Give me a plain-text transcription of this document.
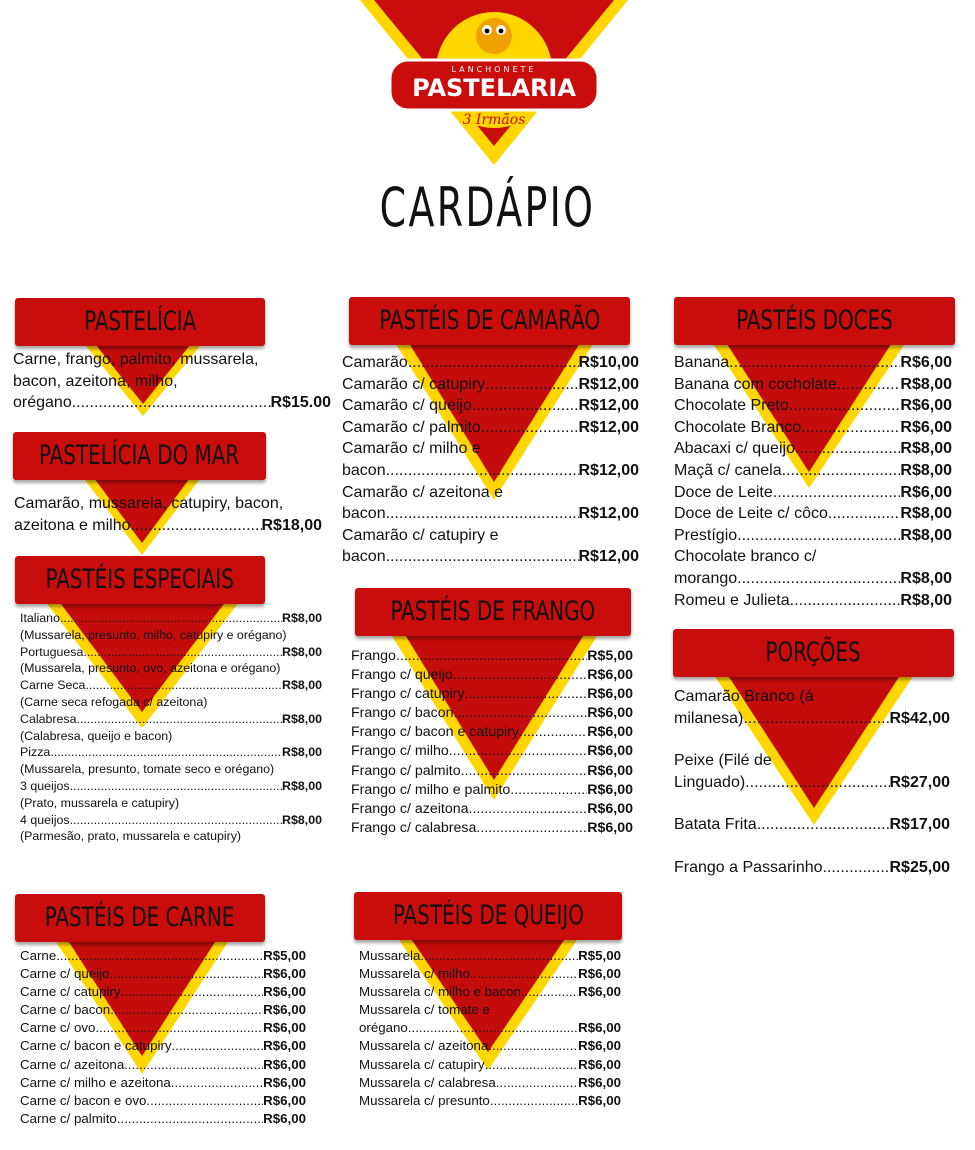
LANCHONETE
PASTELARIA
3 Irmãos
CARDÁPIO
PASTELÍCIA
Carne, frango, palmito, mussarela,
bacon, azeitona, milho,
orégano .....	R$15.00
PASTELÍCIA DO MAR
Camarão, mussarela, catupiry, bacon,
azeitona e milho .....	R$18,00
PASTÉIS ESPECIAIS
Italiano .....	R$8,00
(Mussarela, presunto, milho, catupiry e orégano)
Portuguesa .....	R$8,00
(Mussarela, presunto, ovo, azeitona e orégano)
Carne Seca .....	R$8,00
(Carne seca refogada c/ azeitona)
Calabresa .....	R$8,00
(Calabresa, queijo e bacon)
Pizza .....	R$8,00
(Mussarela, presunto, tomate seco e orégano)
3 queijos .....	R$8,00
(Prato, mussarela e catupiry)
4 queijos .....	R$8,00
(Parmesão, prato, mussarela e catupiry)
PASTÉIS DE CARNE
Carne .....	R$5,00
Carne c/ queijo .....	R$6,00
Carne c/ catupiry .....	R$6,00
Carne c/ bacon .....	R$6,00
Carne c/ ovo .....	R$6,00
Carne c/ bacon e catupiry .....	R$6,00
Carne c/ azeitona .....	R$6,00
Carne c/ milho e azeitona .....	R$6,00
Carne c/ bacon e ovo .....	R$6,00
Carne c/ palmito .....	R$6,00
PASTÉIS DE CAMARÃO
Camarão .....	R$10,00
Camarão c/ catupiry .....	R$12,00
Camarão c/ queijo .....	R$12,00
Camarão c/ palmito .....	R$12,00
Camarão c/ milho e
bacon .....	R$12,00
Camarão c/ azeitona e
bacon .....	R$12,00
Camarão c/ catupiry e
bacon .....	R$12,00
PASTÉIS DE FRANGO
Frango .....	R$5,00
Frango c/ queijo .....	R$6,00
Frango c/ catupiry .....	R$6,00
Frango c/ bacon .....	R$6,00
Frango c/ bacon e catupiry .....	R$6,00
Frango c/ milho .....	R$6,00
Frango c/ palmito .....	R$6,00
Frango c/ milho e palmito .....	R$6,00
Frango c/ azeitona .....	R$6,00
Frango c/ calabresa .....	R$6,00
PASTÉIS DE QUEIJO
Mussarela .....	R$5,00
Mussarela c/ milho .....	R$6,00
Mussarela c/ milho e bacon .....	R$6,00
Mussarela c/ tomate e
orégano .....	R$6,00
Mussarela c/ azeitona .....	R$6,00
Mussarela c/ catupiry .....	R$6,00
Mussarela c/ calabresa .....	R$6,00
Mussarela c/ presunto .....	R$6,00
PASTÉIS DOCES
Banana .....	R$6,00
Banana com cocholate .....	R$8,00
Chocolate Preto .....	R$6,00
Chocolate Branco .....	R$6,00
Abacaxi c/ queijo .....	R$8,00
Maçã c/ canela .....	R$8,00
Doce de Leite .....	R$6,00
Doce de Leite c/ côco .....	R$8,00
Prestígio .....	R$8,00
Chocolate branco c/
morango .....	R$8,00
Romeu e Julieta .....	R$8,00
PORÇÕES
Camarão Branco (á
milanesa) .....	R$42,00
Peixe (Filé de
Linguado) .....	R$27,00
Batata Frita .....	R$17,00
Frango a Passarinho .....	R$25,00
